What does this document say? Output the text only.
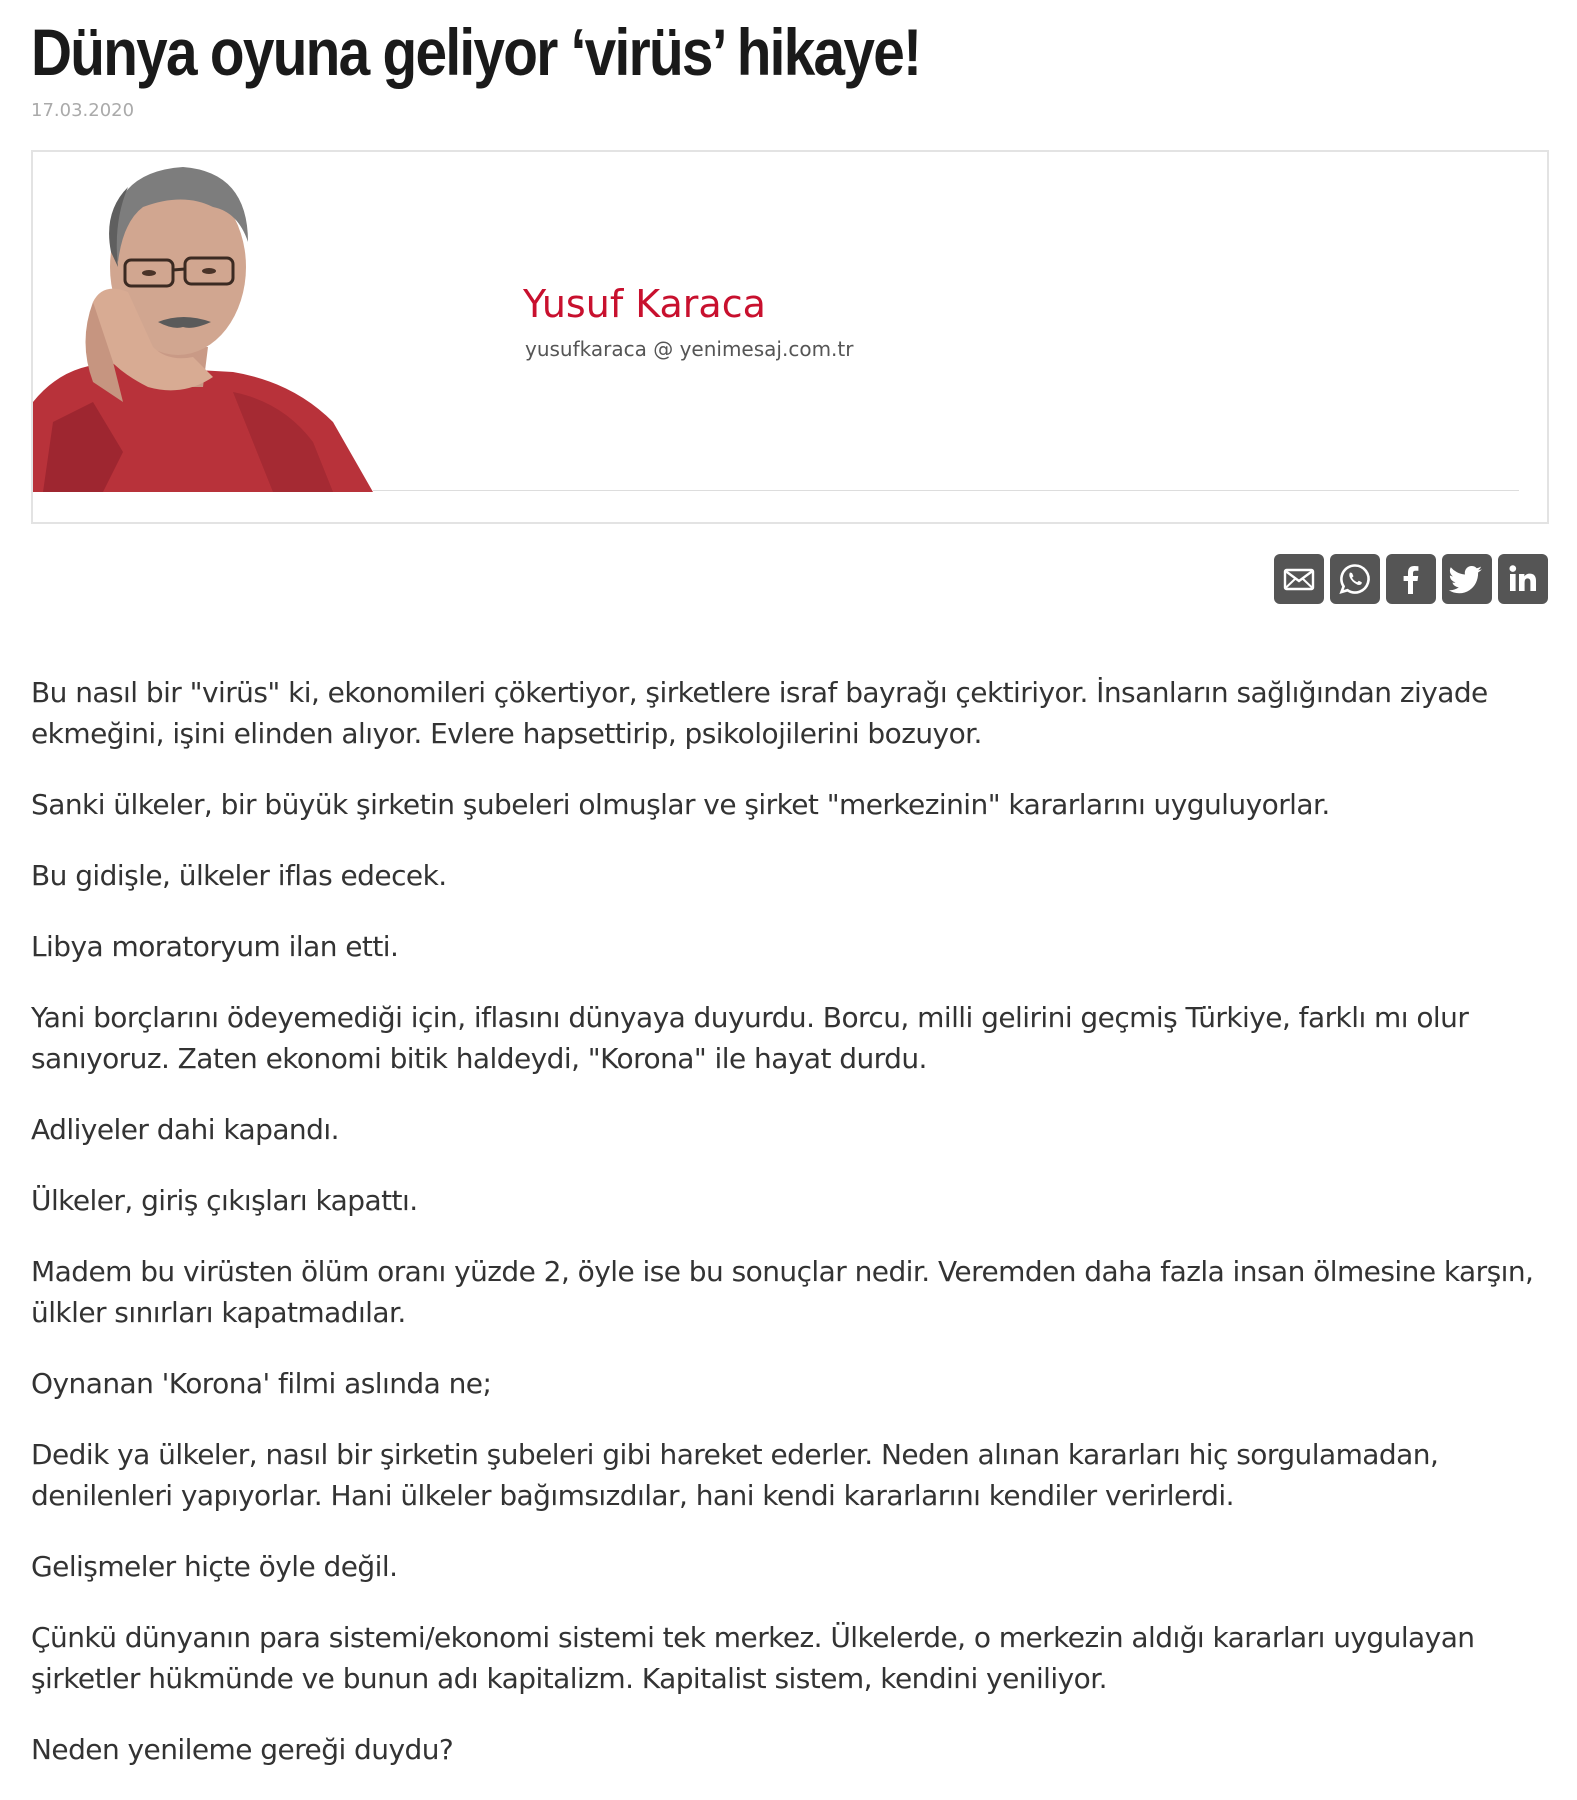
Dünya oyuna geliyor ‘virüs’ hikaye!
17.03.2020
Yusuf Karaca
yusufkaraca @ yenimesaj.com.tr

Bu nasıl bir "virüs" ki, ekonomileri çökertiyor, şirketlere israf bayrağı çektiriyor. İnsanların sağlığından ziyade ekmeğini, işini elinden alıyor. Evlere hapsettirip, psikolojilerini bozuyor.

Sanki ülkeler, bir büyük şirketin şubeleri olmuşlar ve şirket "merkezinin" kararlarını uyguluyorlar.

Bu gidişle, ülkeler iflas edecek.

Libya moratoryum ilan etti.

Yani borçlarını ödeyemediği için, iflasını dünyaya duyurdu. Borcu, milli gelirini geçmiş Türkiye, farklı mı olur sanıyoruz. Zaten ekonomi bitik haldeydi, "Korona" ile hayat durdu.

Adliyeler dahi kapandı.

Ülkeler, giriş çıkışları kapattı.

Madem bu virüsten ölüm oranı yüzde 2, öyle ise bu sonuçlar nedir. Veremden daha fazla insan ölmesine karşın, ülkler sınırları kapatmadılar.

Oynanan 'Korona' filmi aslında ne;

Dedik ya ülkeler, nasıl bir şirketin şubeleri gibi hareket ederler. Neden alınan kararları hiç sorgulamadan, denilenleri yapıyorlar. Hani ülkeler bağımsızdılar, hani kendi kararlarını kendiler verirlerdi.

Gelişmeler hiçte öyle değil.

Çünkü dünyanın para sistemi/ekonomi sistemi tek merkez. Ülkelerde, o merkezin aldığı kararları uygulayan şirketler hükmünde ve bunun adı kapitalizm. Kapitalist sistem, kendini yeniliyor.

Neden yenileme gereği duydu?
